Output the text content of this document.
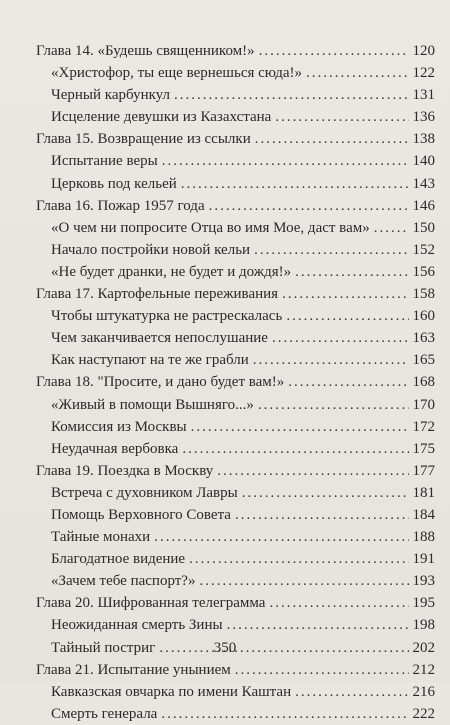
Глава 14. «Будешь священником!» .....	120
«Христофор, ты еще вернешься сюда!» .....	122
Черный карбункул .....	131
Исцеление девушки из Казахстана .....	136
Глава 15. Возвращение из ссылки .....	138
Испытание веры .....	140
Церковь под кельей .....	143
Глава 16. Пожар 1957 года .....	146
«О чем ни попросите Отца во имя Мое, даст вам» .....	150
Начало постройки новой кельи .....	152
«Не будет дранки, не будет и дождя!» .....	156
Глава 17. Картофельные переживания .....	158
Чтобы штукатурка не растрескалась .....	160
Чем заканчивается непослушание .....	163
Как наступают на те же грабли .....	165
Глава 18. "Просите, и дано будет вам!» .....	168
«Живый в помощи Вышняго...» .....	170
Комиссия из Москвы .....	172
Неудачная вербовка .....	175
Глава 19. Поездка в Москву .....	177
Встреча с духовником Лавры .....	181
Помощь Верховного Совета .....	184
Тайные монахи .....	188
Благодатное видение .....	191
«Зачем тебе паспорт?» .....	193
Глава 20. Шифрованная телеграмма .....	195
Неожиданная смерть Зины .....	198
Тайный постриг .....	202
Глава 21. Испытание унынием .....	212
Кавказская овчарка по имени Каштан .....	216
Смерть генерала .....	222
350
